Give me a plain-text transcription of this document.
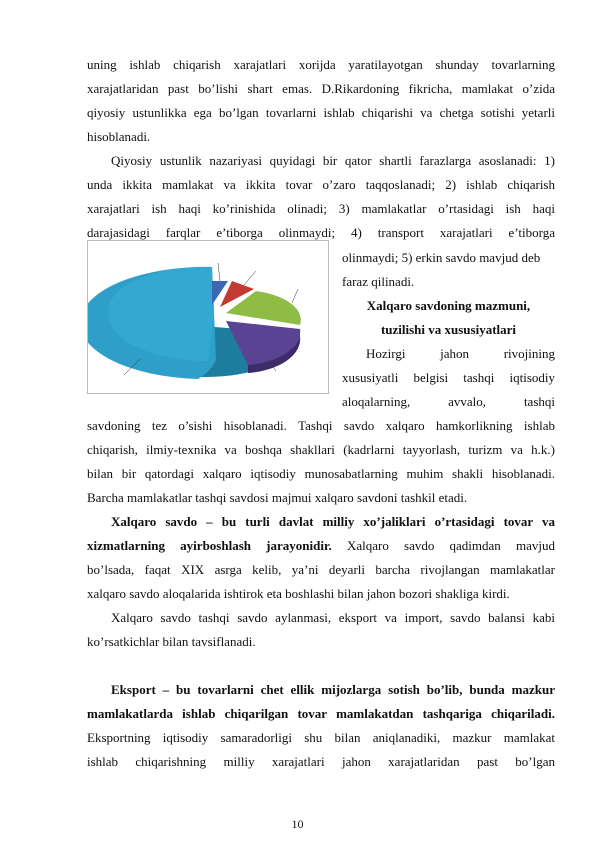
uning ishlab chiqarish xarajatlari xorijda yaratilayotgan shunday tovarlarning
xarajatlaridan past bo’lishi shart emas. D.Rikardoning fikricha, mamlakat o’zida
qiyosiy ustunlikka ega bo’lgan tovarlarni ishlab chiqarishi va chetga sotishi yetarli
hisoblanadi.
Qiyosiy ustunlik nazariyasi quyidagi bir qator shartli farazlarga asoslanadi: 1)
unda ikkita mamlakat va ikkita tovar o’zaro taqqoslanadi; 2) ishlab chiqarish
xarajatlari ish haqi ko’rinishida olinadi; 3) mamlakatlar o’rtasidagi ish haqi
darajasidagi farqlar e’tiborga olinmaydi; 4) transport xarajatlari e’tiborga
olinmaydi; 5) erkin savdo mavjud deb
faraz qilinadi.
Xalqaro savdoning mazmuni,
tuzilishi va xususiyatlari
Hozirgi jahon rivojining
xususiyatli belgisi tashqi iqtisodiy
aloqalarning, avvalo, tashqi
savdoning tez o’sishi hisoblanadi. Tashqi savdo xalqaro hamkorlikning ishlab
chiqarish, ilmiy-texnika va boshqa shakllari (kadrlarni tayyorlash, turizm va h.k.)
bilan bir qatordagi xalqaro iqtisodiy munosabatlarning muhim shakli hisoblanadi.
Barcha mamlakatlar tashqi savdosi majmui xalqaro savdoni tashkil etadi.
Xalqaro savdo – bu turli davlat milliy xo’jaliklari o’rtasidagi tovar va
xizmatlarning ayirboshlash jarayonidir. Xalqaro savdo qadimdan mavjud
bo’lsada, faqat XIX asrga kelib, ya’ni deyarli barcha rivojlangan mamlakatlar
xalqaro savdo aloqalarida ishtirok eta boshlashi bilan jahon bozori shakliga kirdi.
Xalqaro savdo tashqi savdo aylanmasi, eksport va import, savdo balansi kabi
ko’rsatkichlar bilan tavsiflanadi.
Eksport – bu tovarlarni chet ellik mijozlarga sotish bo’lib, bunda mazkur
mamlakatlarda ishlab chiqarilgan tovar mamlakatdan tashqariga chiqariladi.
Eksportning iqtisodiy samaradorligi shu bilan aniqlanadiki, mazkur mamlakat
ishlab chiqarishning milliy xarajatlari jahon xarajatlaridan past bo’lgan
10
